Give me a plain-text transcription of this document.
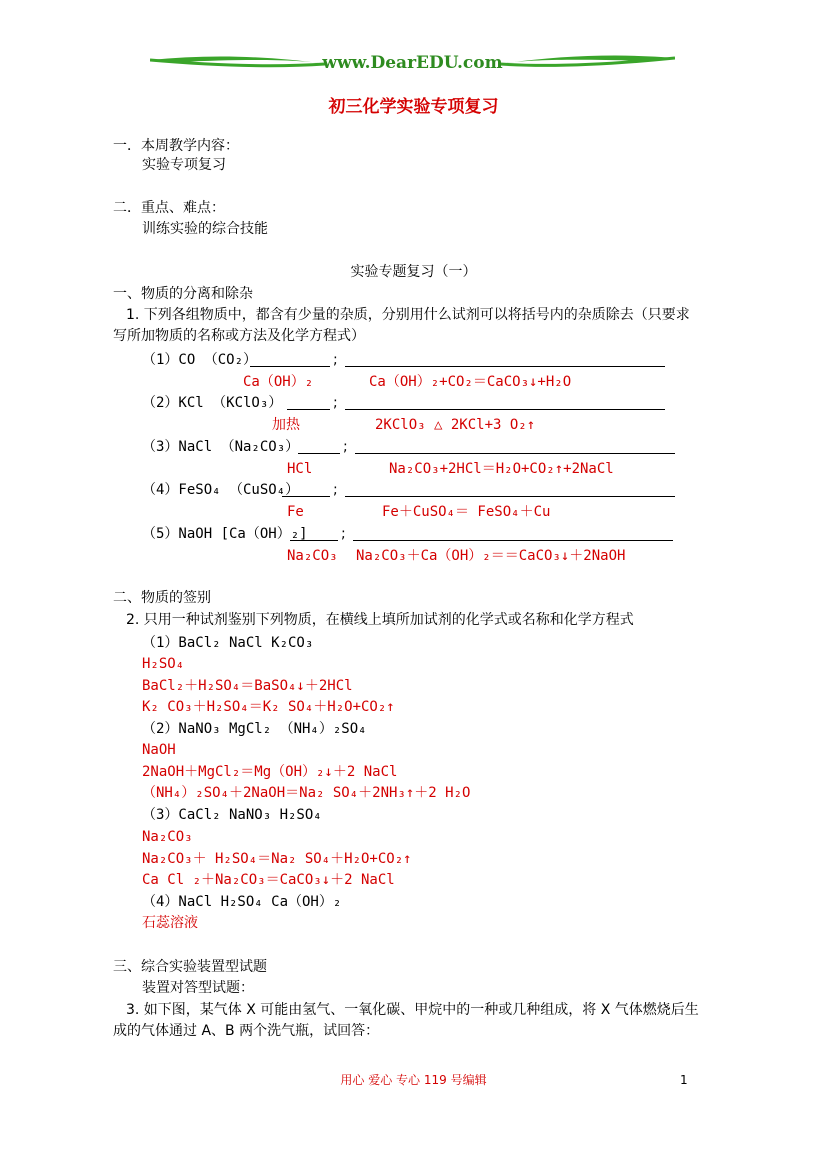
www.DearEDU.com
初三化学实验专项复习
一．本周教学内容：
实验专项复习
二．重点、难点：
训练实验的综合技能
实验专题复习（一）
一、物质的分离和除杂
1. 下列各组物质中，都含有少量的杂质，分别用什么试剂可以将括号内的杂质除去（只要求
写所加物质的名称或方法及化学方程式）
（1）CO （CO₂）	;
Ca（OH）₂	Ca（OH）₂+CO₂＝CaCO₃↓+H₂O
（2）KCl （KClO₃）	;
加热	2KClO₃ △ 2KCl+3 O₂↑
（3）NaCl （Na₂CO₃）	;
HCl	Na₂CO₃+2HCl＝H₂O+CO₂↑+2NaCl
（4）FeSO₄ （CuSO₄） ;
Fe	Fe＋CuSO₄＝ FeSO₄＋Cu
（5）NaOH [Ca（OH）₂] ;
Na₂CO₃ Na₂CO₃＋Ca（OH）₂＝＝CaCO₃↓＋2NaOH
二、物质的签别
2. 只用一种试剂鉴别下列物质，在横线上填所加试剂的化学式或名称和化学方程式
（1）BaCl₂ NaCl K₂CO₃
H₂SO₄
BaCl₂＋H₂SO₄＝BaSO₄↓＋2HCl
K₂ CO₃＋H₂SO₄＝K₂ SO₄＋H₂O+CO₂↑
（2）NaNO₃ MgCl₂ （NH₄）₂SO₄
NaOH
2NaOH＋MgCl₂＝Mg（OH）₂↓＋2 NaCl
（NH₄）₂SO₄＋2NaOH＝Na₂ SO₄＋2NH₃↑＋2 H₂O
（3）CaCl₂ NaNO₃ H₂SO₄
Na₂CO₃
Na₂CO₃＋ H₂SO₄＝Na₂ SO₄＋H₂O+CO₂↑
Ca Cl ₂＋Na₂CO₃＝CaCO₃↓＋2 NaCl
（4）NaCl H₂SO₄ Ca（OH）₂
石蕊溶液
三、综合实验装置型试题
装置对答型试题：
3. 如下图，某气体 X 可能由氢气、一氧化碳、甲烷中的一种或几种组成，将 X 气体燃烧后生
成的气体通过 A、B 两个洗气瓶，试回答：
用心 爱心 专心 119 号编辑	1
